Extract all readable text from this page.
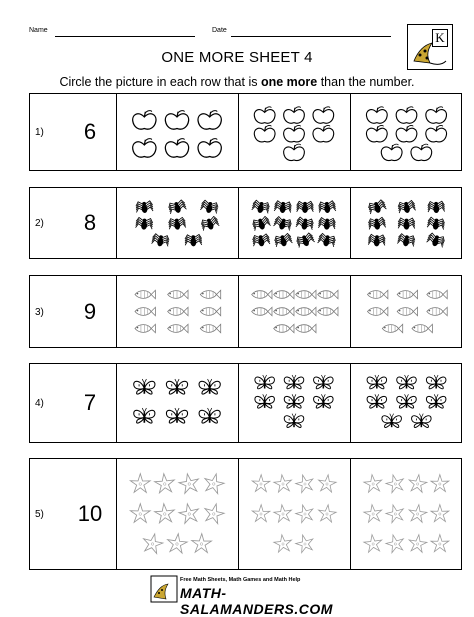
Name	Date	K
ONE MORE SHEET 4
Circle the picture in each row that is one more than the number.
1)	6
2)	8
3)	9
4)	7
5)	10
Free Math Sheets, Math Games and Math Help
MATH-SALAMANDERS.COM
